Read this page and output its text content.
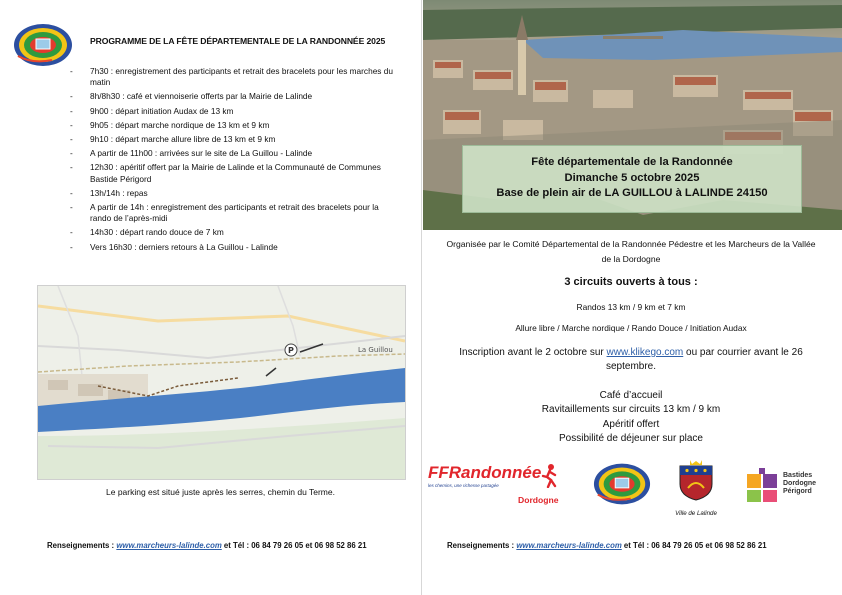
PROGRAMME DE LA FÊTE DÉPARTEMENTALE DE LA RANDONNÉE 2025
- 7h30 : enregistrement des participants et retrait des bracelets pour les marches du matin
- 8h/8h30 : café et viennoiserie offerts par la Mairie de Lalinde
- 9h00 : départ initiation Audax de 13 km
- 9h05 : départ marche nordique de 13 km et 9 km
- 9h10 : départ marche allure libre de 13 km et 9 km
- A partir de 11h00 : arrivées sur le site de La Guillou - Lalinde
- 12h30 : apéritif offert par la Mairie de Lalinde et la Communauté de Communes Bastide Périgord
- 13h/14h : repas
- A partir de 14h : enregistrement des participants et retrait des bracelets pour la rando de l’après-midi
- 14h30 : départ rando douce de 7 km
- Vers 16h30 : derniers retours à La Guillou - Lalinde
P	La Guillou
Le parking est situé juste après les serres, chemin du Terme.
Renseignements : www.marcheurs-lalinde.com et Tél : 06 84 79 26 05 et 06 98 52 86 21
Fête départementale de la Randonnée
Dimanche 5 octobre 2025
Base de plein air de LA GUILLOU à LALINDE 24150
Organisée par le Comité Départemental de la Randonnée Pédestre et les Marcheurs de la Vallée de la Dordogne
3 circuits ouverts à tous :
Randos 13 km / 9 km et 7 km
Allure libre / Marche nordique / Rando Douce / Initiation Audax
Inscription avant le 2 octobre sur www.klikego.com ou par courrier avant le 26 septembre.
Café d’accueil
Ravitaillements sur circuits 13 km / 9 km
Apéritif offert
Possibilité de déjeuner sur place
FFRandonnée
les chemins, une richesse partagée
Dordogne
Ville de Lalinde
Bastides
Dordogne
Périgord
Renseignements : www.marcheurs-lalinde.com et Tél : 06 84 79 26 05 et 06 98 52 86 21
